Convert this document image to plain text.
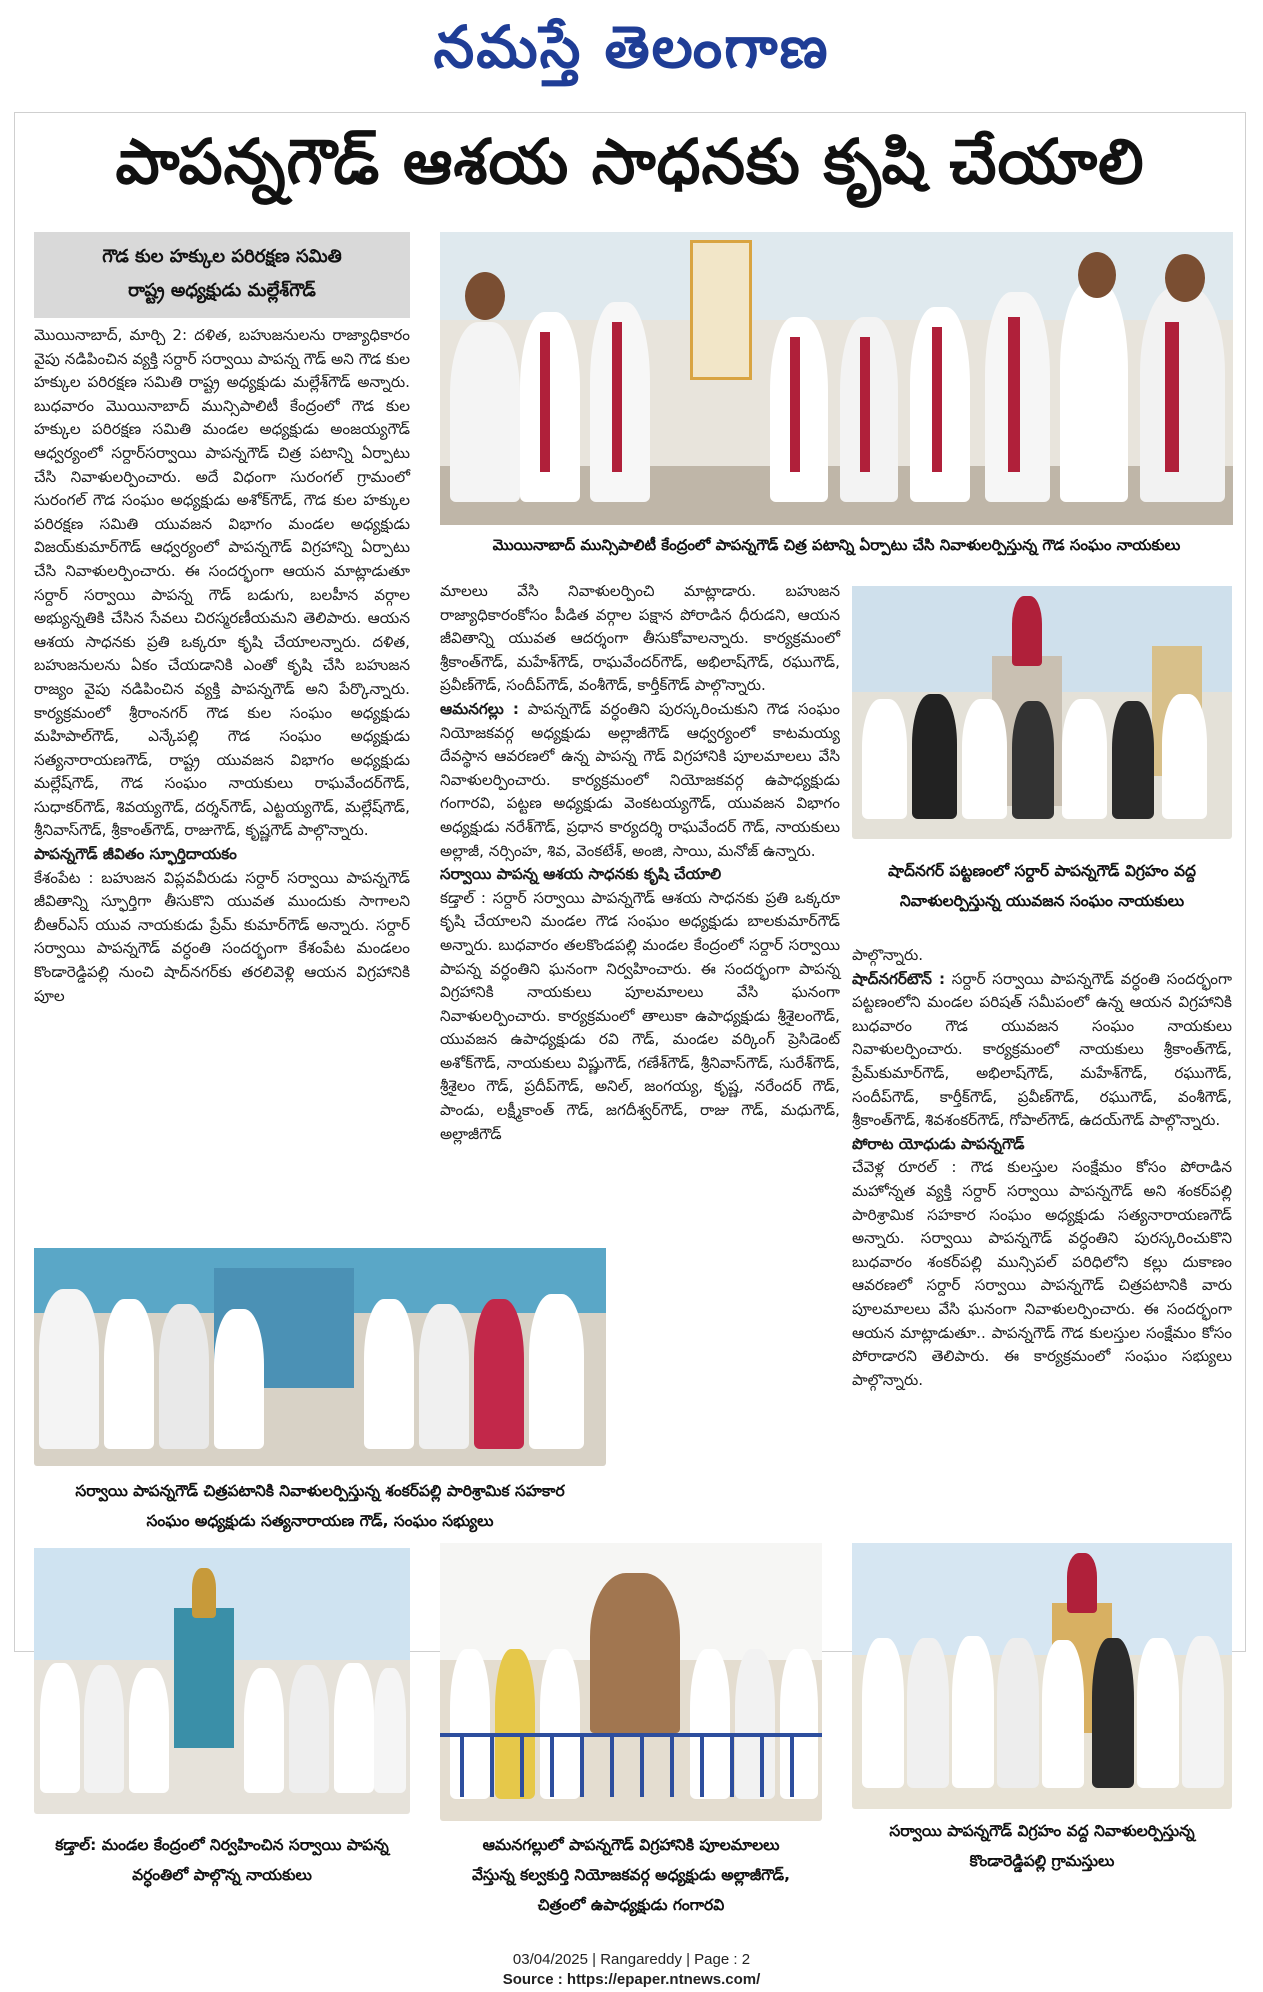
నమస్తే తెలంగాణ
పాపన్నగౌడ్‌ ఆశయ సాధనకు కృషి చేయాలి
గౌడ కుల హక్కుల పరిరక్షణ సమితి
రాష్ట్ర అధ్యక్షుడు మల్లేశ్‌గౌడ్‌
మొయినాబాద్‌, మార్చి 2: దళిత, బహుజనులను రాజ్యాధికారం వైపు నడిపించిన వ్యక్తి సర్దార్‌ సర్వాయి పాపన్న గౌడ్‌ అని గౌడ కుల హక్కుల పరిరక్షణ సమితి రాష్ట్ర అధ్యక్షుడు మల్లేశ్‌గౌడ్‌ అన్నారు. బుధవారం మొయినాబాద్‌ మున్సిపాలిటీ కేంద్రంలో గౌడ కుల హక్కుల పరిరక్షణ సమితి మండల అధ్యక్షుడు అంజయ్యగౌడ్‌ ఆధ్వర్యంలో సర్దార్‌సర్వాయి పాపన్నగౌడ్‌ చిత్ర పటాన్ని ఏర్పాటు చేసి నివాళులర్పించారు. అదే విధంగా సురంగల్‌ గ్రామంలో సురంగల్‌ గౌడ సంఘం అధ్యక్షుడు అశోక్‌గౌడ్‌, గౌడ కుల హక్కుల పరిరక్షణ సమితి యువజన విభాగం మండల అధ్యక్షుడు విజయ్‌కుమార్‌గౌడ్‌ ఆధ్వర్యంలో పాపన్నగౌడ్‌ విగ్రహాన్ని ఏర్పాటు చేసి నివాళులర్పించారు. ఈ సందర్భంగా ఆయన మాట్లాడుతూ సర్దార్‌ సర్వాయి పాపన్న గౌడ్‌ బడుగు, బలహీన వర్గాల అభ్యున్నతికి చేసిన సేవలు చిరస్మరణీయమని తెలిపారు. ఆయన ఆశయ సాధనకు ప్రతి ఒక్కరూ కృషి చేయాలన్నారు. దళిత, బహుజనులను ఏకం చేయడానికి ఎంతో కృషి చేసి బహుజన రాజ్యం వైపు నడిపించిన వ్యక్తి పాపన్నగౌడ్‌ అని పేర్కొన్నారు. కార్యక్రమంలో శ్రీరాంనగర్‌ గౌడ కుల సంఘం అధ్యక్షుడు మహిపాల్‌గౌడ్‌, ఎన్కేపల్లి గౌడ సంఘం అధ్యక్షుడు సత్యనారాయణగౌడ్‌, రాష్ట్ర యువజన విభాగం అధ్యక్షుడు మల్లేష్‌గౌడ్‌, గౌడ సంఘం నాయకులు రాఘవేందర్‌గౌడ్‌, సుధాకర్‌గౌడ్‌, శివయ్యగౌడ్‌, దర్శన్‌గౌడ్‌, ఎట్టయ్యగౌడ్‌, మల్లేష్‌గౌడ్‌, శ్రీనివాస్‌గౌడ్‌, శ్రీకాంత్‌గౌడ్‌, రాజుగౌడ్‌, కృష్ణగౌడ్‌ పాల్గొన్నారు.
పాపన్నగౌడ్‌ జీవితం స్ఫూర్తిదాయకం
కేశంపేట : బహుజన విప్లవవీరుడు సర్దార్‌ సర్వాయి పాపన్నగౌడ్‌ జీవితాన్ని స్ఫూర్తిగా తీసుకొని యువత ముందుకు సాగాలని బీఆర్‌ఎస్‌ యువ నాయకుడు ప్రేమ్‌ కుమార్‌గౌడ్‌ అన్నారు. సర్దార్‌ సర్వాయి పాపన్నగౌడ్‌ వర్ధంతి సందర్భంగా కేశంపేట మండలం కొండారెడ్డిపల్లి నుంచి షాద్‌నగర్‌కు తరలివెళ్లి ఆయన విగ్రహానికి పూల
మొయినాబాద్‌ మున్సిపాలిటీ కేంద్రంలో పాపన్నగౌడ్‌ చిత్ర పటాన్ని ఏర్పాటు చేసి నివాళులర్పిస్తున్న గౌడ సంఘం నాయకులు
మాలలు వేసి నివాళులర్పించి మాట్లాడారు. బహుజన రాజ్యాధికారంకోసం పీడిత వర్గాల పక్షాన పోరాడిన ధీరుడని, ఆయన జీవితాన్ని యువత ఆదర్శంగా తీసుకోవాలన్నారు. కార్యక్రమంలో శ్రీకాంత్‌గౌడ్‌, మహేశ్‌గౌడ్‌, రాఘవేందర్‌గౌడ్‌, అభిలాష్‌గౌడ్‌, రఘుగౌడ్‌, ప్రవీణ్‌గౌడ్‌, సందీప్‌గౌడ్‌, వంశీగౌడ్‌, కార్తీక్‌గౌడ్‌ పాల్గొన్నారు.
ఆమనగల్లు : పాపన్నగౌడ్‌ వర్ధంతిని పురస్కరించుకుని గౌడ సంఘం నియోజకవర్గ అధ్యక్షుడు అల్లాజీగౌడ్‌ ఆధ్వర్యంలో కాటమయ్య దేవస్థాన ఆవరణలో ఉన్న పాపన్న గౌడ్‌ విగ్రహానికి పూలమాలలు వేసి నివాళులర్పించారు. కార్యక్రమంలో నియోజకవర్గ ఉపాధ్యక్షుడు గంగారవి, పట్టణ అధ్యక్షుడు వెంకటయ్యగౌడ్‌, యువజన విభాగం అధ్యక్షుడు నరేశ్‌గౌడ్‌, ప్రధాన కార్యదర్శి రాఘవేందర్‌ గౌడ్‌, నాయకులు అల్లాజీ, నర్సింహ, శివ, వెంకటేశ్‌, అంజి, సాయి, మనోజ్‌ ఉన్నారు.
సర్వాయి పాపన్న ఆశయ సాధనకు కృషి చేయాలి
కడ్తాల్‌ : సర్దార్‌ సర్వాయి పాపన్నగౌడ్‌ ఆశయ సాధనకు ప్రతి ఒక్కరూ కృషి చేయాలని మండల గౌడ సంఘం అధ్యక్షుడు బాలకుమార్‌గౌడ్‌ అన్నారు. బుధవారం తలకొండపల్లి మండల కేంద్రంలో సర్దార్‌ సర్వాయి పాపన్న వర్ధంతిని ఘనంగా నిర్వహించారు. ఈ సందర్భంగా పాపన్న విగ్రహానికి నాయకులు పూలమాలలు వేసి ఘనంగా నివాళులర్పించారు. కార్యక్రమంలో తాలుకా ఉపాధ్యక్షుడు శ్రీశైలంగౌడ్‌, యువజన ఉపాధ్యక్షుడు రవి గౌడ్‌, మండల వర్కింగ్‌ ప్రెసిడెంట్‌ అశోక్‌గౌడ్‌, నాయకులు విష్ణుగౌడ్‌, గణేశ్‌గౌడ్‌, శ్రీనివాస్‌గౌడ్‌, సురేశ్‌గౌడ్‌, శ్రీశైలం గౌడ్‌, ప్రదీప్‌గౌడ్‌, అనిల్‌, జంగయ్య, కృష్ణ, నరేందర్‌ గౌడ్‌, పాండు, లక్ష్మీకాంత్‌ గౌడ్‌, జగదీశ్వర్‌గౌడ్‌, రాజు గౌడ్‌, మధుగౌడ్‌, అల్లాజీగౌడ్‌
షాద్‌నగర్‌ పట్టణంలో సర్దార్‌ పాపన్నగౌడ్‌ విగ్రహం వద్ద
నివాళులర్పిస్తున్న యువజన సంఘం నాయకులు
పాల్గొన్నారు.
షాద్‌నగర్‌టౌన్‌ : సర్దార్‌ సర్వాయి పాపన్నగౌడ్‌ వర్ధంతి సందర్భంగా పట్టణంలోని మండల పరిషత్‌ సమీపంలో ఉన్న ఆయన విగ్రహానికి బుధవారం గౌడ యువజన సంఘం నాయకులు నివాళులర్పించారు. కార్యక్రమంలో నాయకులు శ్రీకాంత్‌గౌడ్‌, ప్రేమ్‌కుమార్‌గౌడ్‌, అభిలాష్‌గౌడ్‌, మహేశ్‌గౌడ్‌, రఘుగౌడ్‌, సందీప్‌గౌడ్‌, కార్తీక్‌గౌడ్‌, ప్రవీణ్‌గౌడ్‌, రఘుగౌడ్‌, వంశీగౌడ్‌, శ్రీకాంత్‌గౌడ్‌, శివశంకర్‌గౌడ్‌, గోపాల్‌గౌడ్‌, ఉదయ్‌గౌడ్‌ పాల్గొన్నారు.
పోరాట యోధుడు పాపన్నగౌడ్‌
చేవెళ్ల రూరల్‌ : గౌడ కులస్తుల సంక్షేమం కోసం పోరాడిన మహోన్నత వ్యక్తి సర్దార్‌ సర్వాయి పాపన్నగౌడ్‌ అని శంకర్‌పల్లి పారిశ్రామిక సహకార సంఘం అధ్యక్షుడు సత్యనారాయణగౌడ్‌ అన్నారు. సర్వాయి పాపన్నగౌడ్‌ వర్ధంతిని పురస్కరించుకొని బుధవారం శంకర్‌పల్లి మున్సిపల్‌ పరిధిలోని కల్లు దుకాణం ఆవరణలో సర్దార్‌ సర్వాయి పాపన్నగౌడ్‌ చిత్రపటానికి వారు పూలమాలలు వేసి ఘనంగా నివాళులర్పించారు. ఈ సందర్భంగా ఆయన మాట్లాడుతూ.. పాపన్నగౌడ్‌ గౌడ కులస్తుల సంక్షేమం కోసం పోరాడారని తెలిపారు. ఈ కార్యక్రమంలో సంఘం సభ్యులు పాల్గొన్నారు.
సర్వాయి పాపన్నగౌడ్‌ చిత్రపటానికి నివాళులర్పిస్తున్న శంకర్‌పల్లి పారిశ్రామిక సహకార
సంఘం అధ్యక్షుడు సత్యనారాయణ గౌడ్‌, సంఘం సభ్యులు
కడ్తాల్‌: మండల కేంద్రంలో నిర్వహించిన సర్వాయి పాపన్న
వర్ధంతిలో పాల్గొన్న నాయకులు
ఆమనగల్లులో పాపన్నగౌడ్‌ విగ్రహానికి పూలమాలలు
వేస్తున్న కల్వకుర్తి నియోజకవర్గ అధ్యక్షుడు అల్లాజీగౌడ్‌,
చిత్రంలో ఉపాధ్యక్షుడు గంగారవి
సర్వాయి పాపన్నగౌడ్‌ విగ్రహం వద్ద నివాళులర్పిస్తున్న
కొండారెడ్డిపల్లి గ్రామస్తులు
03/04/2025 | Rangareddy | Page : 2
Source : https://epaper.ntnews.com/
